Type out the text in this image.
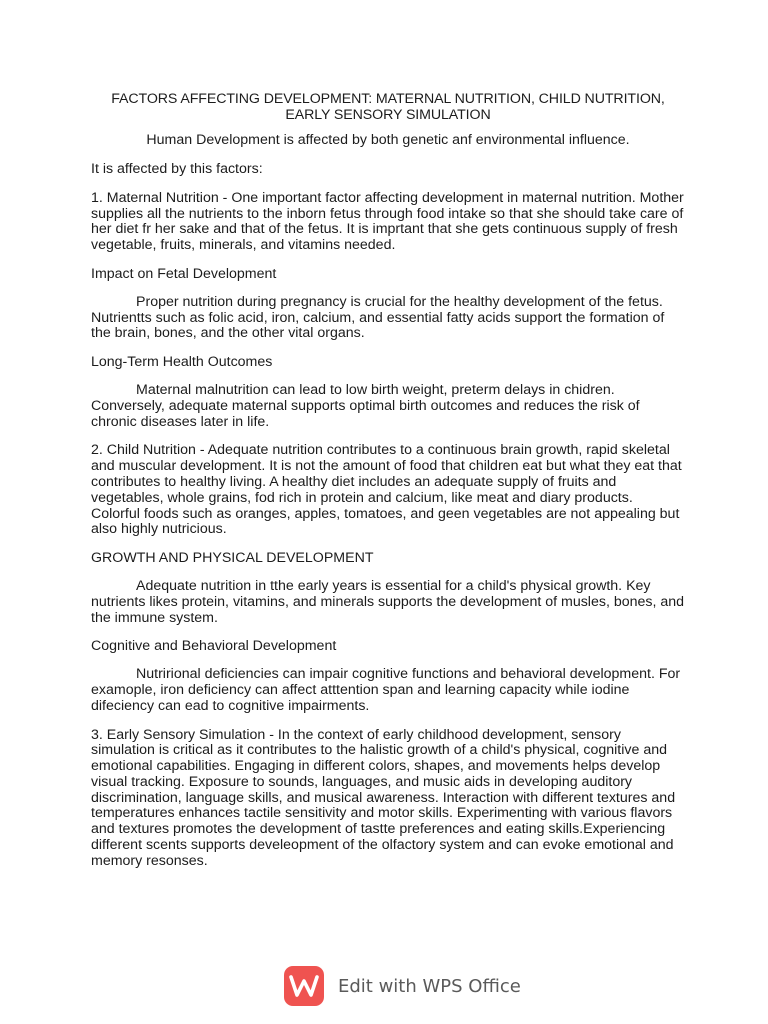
FACTORS AFFECTING DEVELOPMENT: MATERNAL NUTRITION, CHILD NUTRITION, EARLY SENSORY SIMULATION

Human Development is affected by both genetic anf environmental influence.

It is affected by this factors:

1. Maternal Nutrition - One important factor affecting development in maternal nutrition. Mother supplies all the nutrients to the inborn fetus through food intake so that she should take care of her diet fr her sake and that of the fetus. It is imprtant that she gets continuous supply of fresh vegetable, fruits, minerals, and vitamins needed.

Impact on Fetal Development

Proper nutrition during pregnancy is crucial for the healthy development of the fetus. Nutrientts such as folic acid, iron, calcium, and essential fatty acids support the formation of the brain, bones, and the other vital organs.

Long-Term Health Outcomes

Maternal malnutrition can lead to low birth weight, preterm delays in chidren. Conversely, adequate maternal supports optimal birth outcomes and reduces the risk of chronic diseases later in life.

2. Child Nutrition - Adequate nutrition contributes to a continuous brain growth, rapid skeletal and muscular development. It is not the amount of food that children eat but what they eat that contributes to healthy living. A healthy diet includes an adequate supply of fruits and vegetables, whole grains, fod rich in protein and calcium, like meat and diary products. Colorful foods such as oranges, apples, tomatoes, and geen vegetables are not appealing but also highly nutricious.

GROWTH AND PHYSICAL DEVELOPMENT

Adequate nutrition in tthe early years is essential for a child's physical growth. Key nutrients likes protein, vitamins, and minerals supports the development of musles, bones, and the immune system.

Cognitive and Behavioral Development

Nutrirional deficiencies can impair cognitive functions and behavioral development. For examople, iron deficiency can affect atttention span and learning capacity while iodine difeciency can ead to cognitive impairments.

3. Early Sensory Simulation - In the context of early childhood development, sensory simulation is critical as it contributes to the halistic growth of a child's physical, cognitive and emotional capabilities. Engaging in different colors, shapes, and movements helps develop visual tracking. Exposure to sounds, languages, and music aids in developing auditory discrimination, language skills, and musical awareness. Interaction with different textures and temperatures enhances tactile sensitivity and motor skills. Experimenting with various flavors and textures promotes the development of tastte preferences and eating skills.Experiencing different scents supports develeopment of the olfactory system and can evoke emotional and memory resonses.

Edit with WPS Office
